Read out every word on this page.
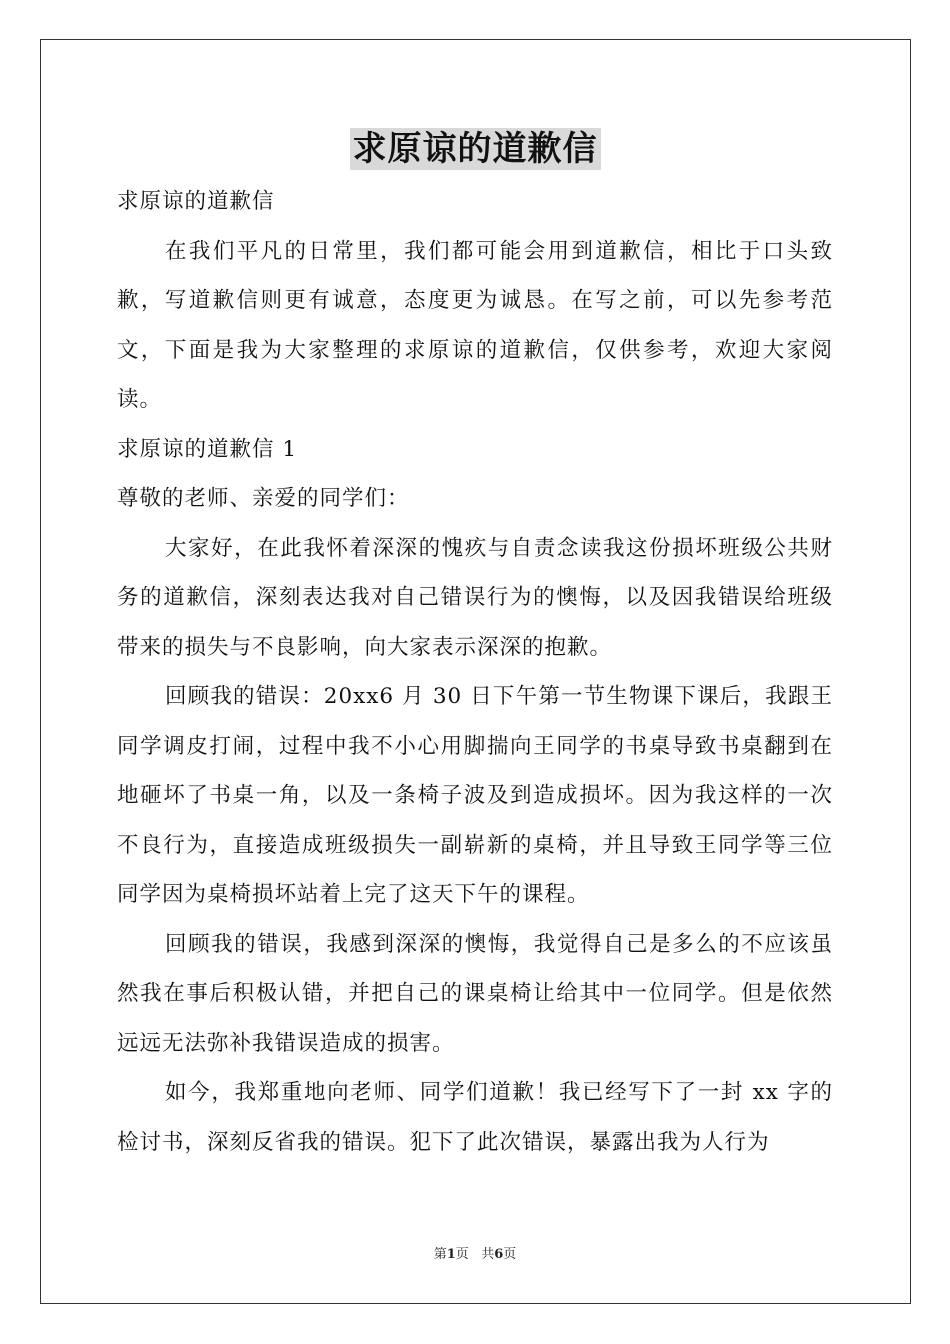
求原谅的道歉信

求原谅的道歉信

在我们平凡的日常里，我们都可能会用到道歉信，相比于口头致歉，写道歉信则更有诚意，态度更为诚恳。在写之前，可以先参考范文，下面是我为大家整理的求原谅的道歉信，仅供参考，欢迎大家阅读。

求原谅的道歉信 1

尊敬的老师、亲爱的同学们：

大家好，在此我怀着深深的愧疚与自责念读我这份损坏班级公共财务的道歉信，深刻表达我对自己错误行为的懊悔，以及因我错误给班级带来的损失与不良影响，向大家表示深深的抱歉。

回顾我的错误：20xx6 月 30 日下午第一节生物课下课后，我跟王同学调皮打闹，过程中我不小心用脚揣向王同学的书桌导致书桌翻到在地砸坏了书桌一角，以及一条椅子波及到造成损坏。因为我这样的一次不良行为，直接造成班级损失一副崭新的桌椅，并且导致王同学等三位同学因为桌椅损坏站着上完了这天下午的课程。

回顾我的错误，我感到深深的懊悔，我觉得自己是多么的不应该虽然我在事后积极认错，并把自己的课桌椅让给其中一位同学。但是依然远远无法弥补我错误造成的损害。

如今，我郑重地向老师、同学们道歉！我已经写下了一封 xx 字的检讨书，深刻反省我的错误。犯下了此次错误，暴露出我为人行为

第1页 共6页
